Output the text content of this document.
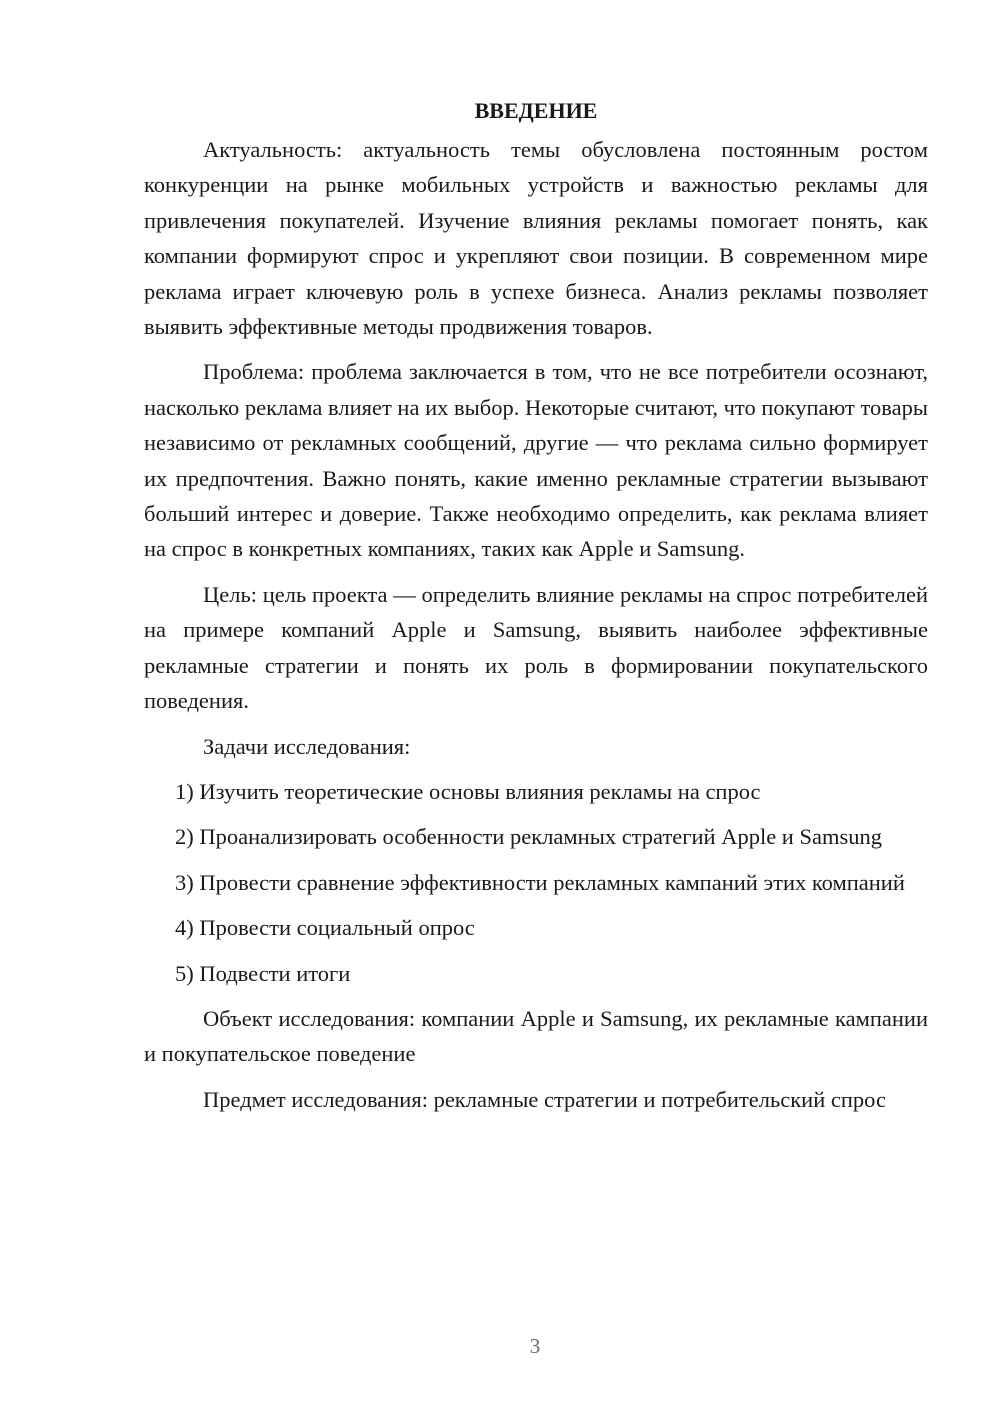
ВВЕДЕНИЕ

Актуальность: актуальность темы обусловлена постоянным ростом конкуренции на рынке мобильных устройств и важностью рекламы для привлечения покупателей. Изучение влияния рекламы помогает понять, как компании формируют спрос и укрепляют свои позиции. В современном мире реклама играет ключевую роль в успехе бизнеса. Анализ рекламы позволяет выявить эффективные методы продвижения товаров.

Проблема: проблема заключается в том, что не все потребители осознают, насколько реклама влияет на их выбор. Некоторые считают, что покупают товары независимо от рекламных сообщений, другие — что реклама сильно формирует их предпочтения. Важно понять, какие именно рекламные стратегии вызывают больший интерес и доверие. Также необходимо определить, как реклама влияет на спрос в конкретных компаниях, таких как Apple и Samsung.

Цель: цель проекта — определить влияние рекламы на спрос потребителей на примере компаний Apple и Samsung, выявить наиболее эффективные рекламные стратегии и понять их роль в формировании покупательского поведения.

Задачи исследования:

1) Изучить теоретические основы влияния рекламы на спрос

2) Проанализировать особенности рекламных стратегий Apple и Samsung

3) Провести сравнение эффективности рекламных кампаний этих компаний

4) Провести социальный опрос

5) Подвести итоги

Объект исследования: компании Apple и Samsung, их рекламные кампании и покупательское поведение

Предмет исследования: рекламные стратегии и потребительский спрос

3
